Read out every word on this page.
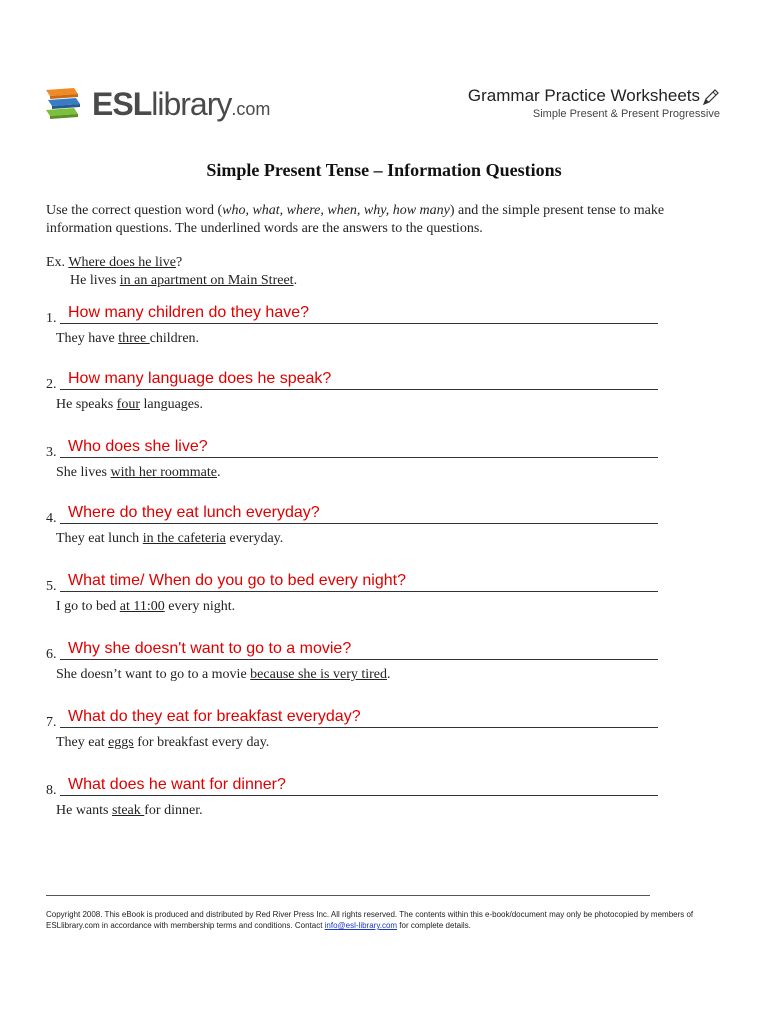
ESLlibrary.com
Grammar Practice Worksheets
Simple Present & Present Progressive
Simple Present Tense – Information Questions

Use the correct question word (who, what, where, when, why, how many) and the simple present tense to make information questions. The underlined words are the answers to the questions.

Ex. Where does he live?
He lives in an apartment on Main Street.
1. How many children do they have?
They have three children.
2. How many language does he speak?
He speaks four languages.
3. Who does she live?
She lives with her roommate.
4. Where do they eat lunch everyday?
They eat lunch in the cafeteria everyday.
5. What time/ When do you go to bed every night?
I go to bed at 11:00 every night.
6. Why she doesn't want to go to a movie?
She doesn’t want to go to a movie because she is very tired.
7. What do they eat for breakfast everyday?
They eat eggs for breakfast every day.
8. What does he want for dinner?
He wants steak for dinner.

Copyright 2008. This eBook is produced and distributed by Red River Press Inc. All rights reserved. The contents within this e-book/document may only be photocopied by members of ESLlibrary.com in accordance with membership terms and conditions. Contact info@esl-library.com for complete details.
